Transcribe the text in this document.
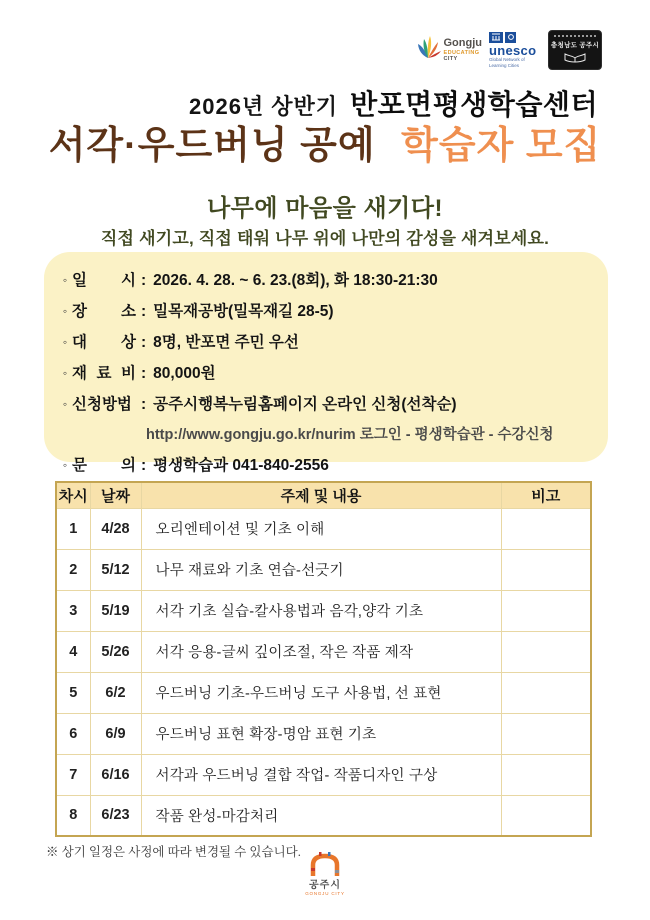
Gongju
EDUCATING
CITY
unesco
Global Network of Learning Cities
충청남도 공주시
2026년 상반기 반포면평생학습센터
서각·우드버닝 공예 학습자 모집
나무에 마음을 새기다!
직접 새기고, 직접 태워 나무 위에 나만의 감성을 새겨보세요.
◦ 일 시 : 2026. 4. 28. ~ 6. 23.(8회), 화 18:30-21:30
◦ 장 소 : 밀목재공방(밀목재길 28-5)
◦ 대 상 : 8명, 반포면 주민 우선
◦ 재 료 비 : 80,000원
◦ 신청방법 : 공주시행복누림홈페이지 온라인 신청(선착순)
http://www.gongju.go.kr/nurim 로그인 - 평생학습관 - 수강신청
◦ 문 의 : 평생학습과 041-840-2556
차시	날짜	주제 및 내용	비고
1	4/28	오리엔테이션 및 기초 이해	
2	5/12	나무 재료와 기초 연습-선긋기	
3	5/19	서각 기초 실습-칼사용법과 음각,양각 기초	
4	5/26	서각 응용-글씨 깊이조절, 작은 작품 제작	
5	6/2	우드버닝 기초-우드버닝 도구 사용법, 선 표현	
6	6/9	우드버닝 표현 확장-명암 표현 기초	
7	6/16	서각과 우드버닝 결합 작업- 작품디자인 구상	
8	6/23	작품 완성-마감처리	
※ 상기 일정은 사정에 따라 변경될 수 있습니다.
공주시
GONGJU CITY
